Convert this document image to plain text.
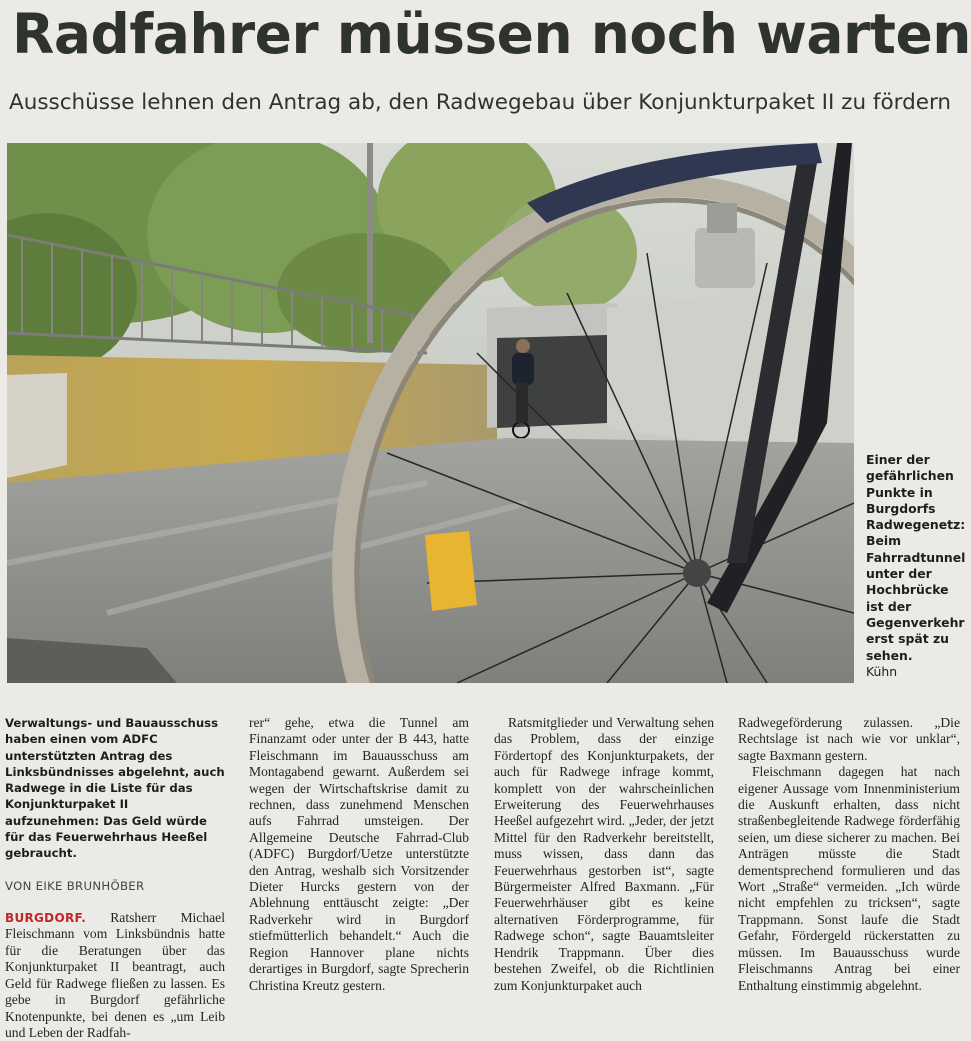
Radfahrer müssen noch warten
Ausschüsse lehnen den Antrag ab, den Radwegebau über Konjunkturpaket II zu fördern
Einer der gefährlichen Punkte in Burgdorfs Radwegenetz: Beim Fahrradtunnel unter der Hochbrücke ist der Gegenverkehr erst spät zu sehen.
Kühn

Verwaltungs- und Bauausschuss haben einen vom ADFC unterstützten Antrag des Linksbündnisses abgelehnt, auch Radwege in die Liste für das Konjunkturpaket II aufzunehmen: Das Geld würde für das Feuerwehrhaus Heeßel gebraucht.

VON EIKE BRUNHÖBER

BURGDORF. Ratsherr Michael Fleischmann vom Linksbündnis hatte für die Beratungen über das Konjunkturpaket II beantragt, auch Geld für Radwege fließen zu lassen. Es gebe in Burgdorf gefährliche Knotenpunkte, bei denen es „um Leib und Leben der Radfah-

rer“ gehe, etwa die Tunnel am Finanzamt oder unter der B 443, hatte Fleischmann im Bauausschuss am Montagabend gewarnt. Außerdem sei wegen der Wirtschaftskrise damit zu rechnen, dass zunehmend Menschen aufs Fahrrad umsteigen. Der Allgemeine Deutsche Fahrrad-Club (ADFC) Burgdorf/Uetze unterstützte den Antrag, weshalb sich Vorsitzender Dieter Hurcks gestern von der Ablehnung enttäuscht zeigte: „Der Radverkehr wird in Burgdorf stiefmütterlich behandelt.“ Auch die Region Hannover plane nichts derartiges in Burgdorf, sagte Sprecherin Christina Kreutz gestern.

Ratsmitglieder und Verwaltung sehen das Problem, dass der einzige Fördertopf des Konjunkturpakets, der auch für Radwege infrage kommt, komplett von der wahrscheinlichen Erweiterung des Feuerwehrhauses Heeßel aufgezehrt wird. „Jeder, der jetzt Mittel für den Radverkehr bereitstellt, muss wissen, dass dann das Feuerwehrhaus gestorben ist“, sagte Bürgermeister Alfred Baxmann. „Für Feuerwehrhäuser gibt es keine alternativen Förderprogramme, für Radwege schon“, sagte Bauamtsleiter Hendrik Trappmann. Über dies bestehen Zweifel, ob die Richtlinien zum Konjunkturpaket auch

Radwegeförderung zulassen. „Die Rechtslage ist nach wie vor unklar“, sagte Baxmann gestern.

Fleischmann dagegen hat nach eigener Aussage vom Innenministerium die Auskunft erhalten, dass nicht straßenbegleitende Radwege förderfähig seien, um diese sicherer zu machen. Bei Anträgen müsste die Stadt dementsprechend formulieren und das Wort „Straße“ vermeiden. „Ich würde nicht empfehlen zu tricksen“, sagte Trappmann. Sonst laufe die Stadt Gefahr, Fördergeld rückerstatten zu müssen. Im Bauausschuss wurde Fleischmanns Antrag bei einer Enthaltung einstimmig abgelehnt.
